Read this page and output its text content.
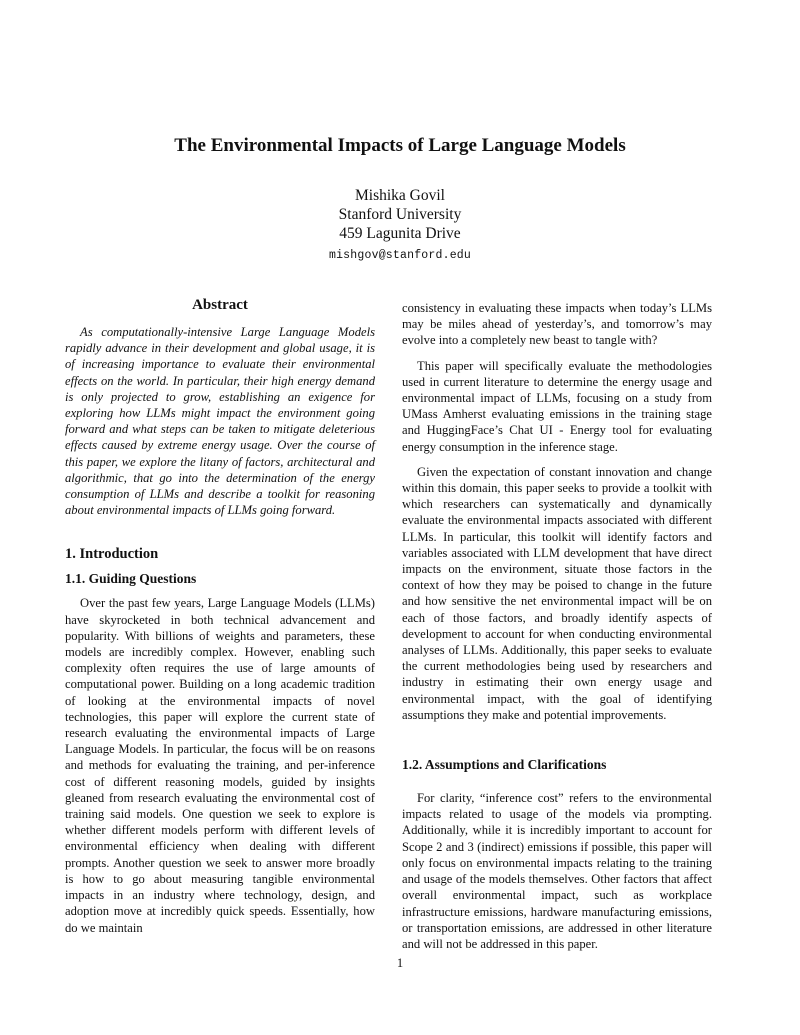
The Environmental Impacts of Large Language Models
Mishika Govil
Stanford University
459 Lagunita Drive
mishgov@stanford.edu
Abstract

As computationally-intensive Large Language Models rapidly advance in their development and global usage, it is of increasing importance to evaluate their environmental effects on the world. In particular, their high energy demand is only projected to grow, establishing an exigence for exploring how LLMs might impact the environment going forward and what steps can be taken to mitigate deleterious effects caused by extreme energy usage. Over the course of this paper, we explore the litany of factors, architectural and algorithmic, that go into the determination of the energy consumption of LLMs and describe a toolkit for reasoning about environmental impacts of LLMs going forward.

1. Introduction
1.1. Guiding Questions

Over the past few years, Large Language Models (LLMs) have skyrocketed in both technical advancement and popularity. With billions of weights and parameters, these models are incredibly complex. However, enabling such complexity often requires the use of large amounts of computational power. Building on a long academic tradition of looking at the environmental impacts of novel technologies, this paper will explore the current state of research evaluating the environmental impacts of Large Language Models. In particular, the focus will be on reasons and methods for evaluating the training, and per-inference cost of different reasoning models, guided by insights gleaned from research evaluating the environmental cost of training said models. One question we seek to explore is whether different models perform with different levels of environmental efficiency when dealing with different prompts. Another question we seek to answer more broadly is how to go about measuring tangible environmental impacts in an industry where technology, design, and adoption move at incredibly quick speeds. Essentially, how do we maintain

consistency in evaluating these impacts when today’s LLMs may be miles ahead of yesterday’s, and tomorrow’s may evolve into a completely new beast to tangle with?

This paper will specifically evaluate the methodologies used in current literature to determine the energy usage and environmental impact of LLMs, focusing on a study from UMass Amherst evaluating emissions in the training stage and HuggingFace’s Chat UI - Energy tool for evaluating energy consumption in the inference stage.

Given the expectation of constant innovation and change within this domain, this paper seeks to provide a toolkit with which researchers can systematically and dynamically evaluate the environmental impacts associated with different LLMs. In particular, this toolkit will identify factors and variables associated with LLM development that have direct impacts on the environment, situate those factors in the context of how they may be poised to change in the future and how sensitive the net environmental impact will be on each of those factors, and broadly identify aspects of development to account for when conducting environmental analyses of LLMs. Additionally, this paper seeks to evaluate the current methodologies being used by researchers and industry in estimating their own energy usage and environmental impact, with the goal of identifying assumptions they make and potential improvements.

1.2. Assumptions and Clarifications

For clarity, “inference cost” refers to the environmental impacts related to usage of the models via prompting. Additionally, while it is incredibly important to account for Scope 2 and 3 (indirect) emissions if possible, this paper will only focus on environmental impacts relating to the training and usage of the models themselves. Other factors that affect overall environmental impact, such as workplace infrastructure emissions, hardware manufacturing emissions, or transportation emissions, are addressed in other literature and will not be addressed in this paper.

1
